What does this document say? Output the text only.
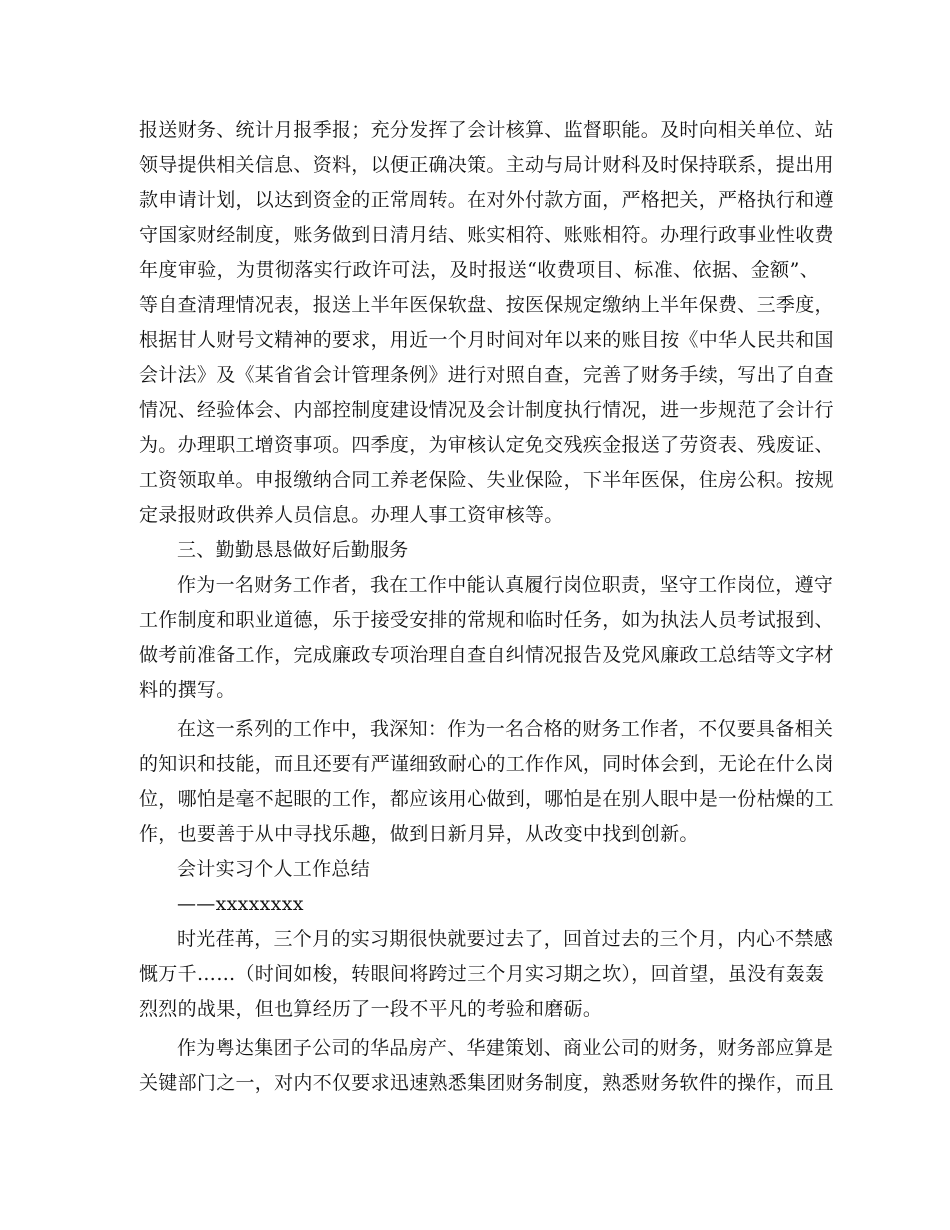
报送财务、统计月报季报；充分发挥了会计核算、监督职能。及时向相关单位、站
领导提供相关信息、资料，以便正确决策。主动与局计财科及时保持联系，提出用
款申请计划，以达到资金的正常周转。在对外付款方面，严格把关，严格执行和遵
守国家财经制度，账务做到日清月结、账实相符、账账相符。办理行政事业性收费
年度审验，为贯彻落实行政许可法，及时报送“收费项目、标准、依据、金额”、
等自查清理情况表，报送上半年医保软盘、按医保规定缴纳上半年保费、三季度，
根据甘人财号文精神的要求，用近一个月时间对年以来的账目按《中华人民共和国
会计法》及《某省省会计管理条例》进行对照自查，完善了财务手续，写出了自查
情况、经验体会、内部控制度建设情况及会计制度执行情况，进一步规范了会计行
为。办理职工增资事项。四季度，为审核认定免交残疾金报送了劳资表、残废证、
工资领取单。申报缴纳合同工养老保险、失业保险，下半年医保，住房公积。按规
定录报财政供养人员信息。办理人事工资审核等。
三、勤勤恳恳做好后勤服务
作为一名财务工作者，我在工作中能认真履行岗位职责，坚守工作岗位，遵守
工作制度和职业道德，乐于接受安排的常规和临时任务，如为执法人员考试报到、
做考前准备工作，完成廉政专项治理自查自纠情况报告及党风廉政工总结等文字材
料的撰写。
在这一系列的工作中，我深知：作为一名合格的财务工作者，不仅要具备相关
的知识和技能，而且还要有严谨细致耐心的工作作风，同时体会到，无论在什么岗
位，哪怕是毫不起眼的工作，都应该用心做到，哪怕是在别人眼中是一份枯燥的工
作，也要善于从中寻找乐趣，做到日新月异，从改变中找到创新。
会计实习个人工作总结
——xxxxxxxx
时光荏苒，三个月的实习期很快就要过去了，回首过去的三个月，内心不禁感
慨万千……（时间如梭，转眼间将跨过三个月实习期之坎），回首望，虽没有轰轰
烈烈的战果，但也算经历了一段不平凡的考验和磨砺。
作为粤达集团子公司的华品房产、华建策划、商业公司的财务，财务部应算是
关键部门之一，对内不仅要求迅速熟悉集团财务制度，熟悉财务软件的操作，而且
